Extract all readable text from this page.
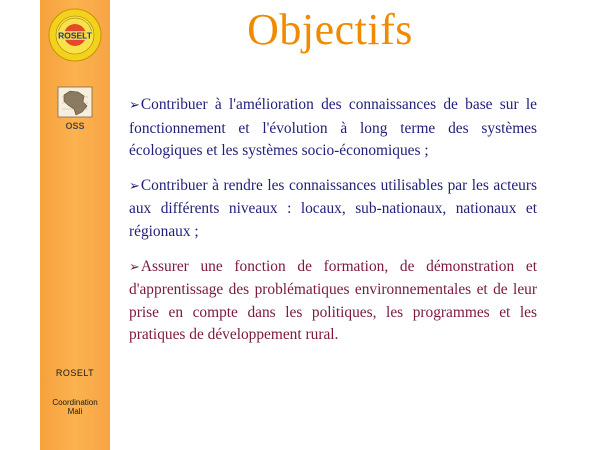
ROSELT
OSS
ROSELT
Coordination
Mali
Objectifs
➢Contribuer à l'amélioration des connaissances de base sur le fonctionnement et l'évolution à long terme des systèmes écologiques et les systèmes socio-économiques ;
➢Contribuer à rendre les connaissances utilisables par les acteurs aux différents niveaux : locaux, sub-nationaux, nationaux et régionaux ;
➢Assurer une fonction de formation, de démonstration et d'apprentissage des problématiques environnementales et de leur prise en compte dans les politiques, les programmes et les pratiques de développement rural.
